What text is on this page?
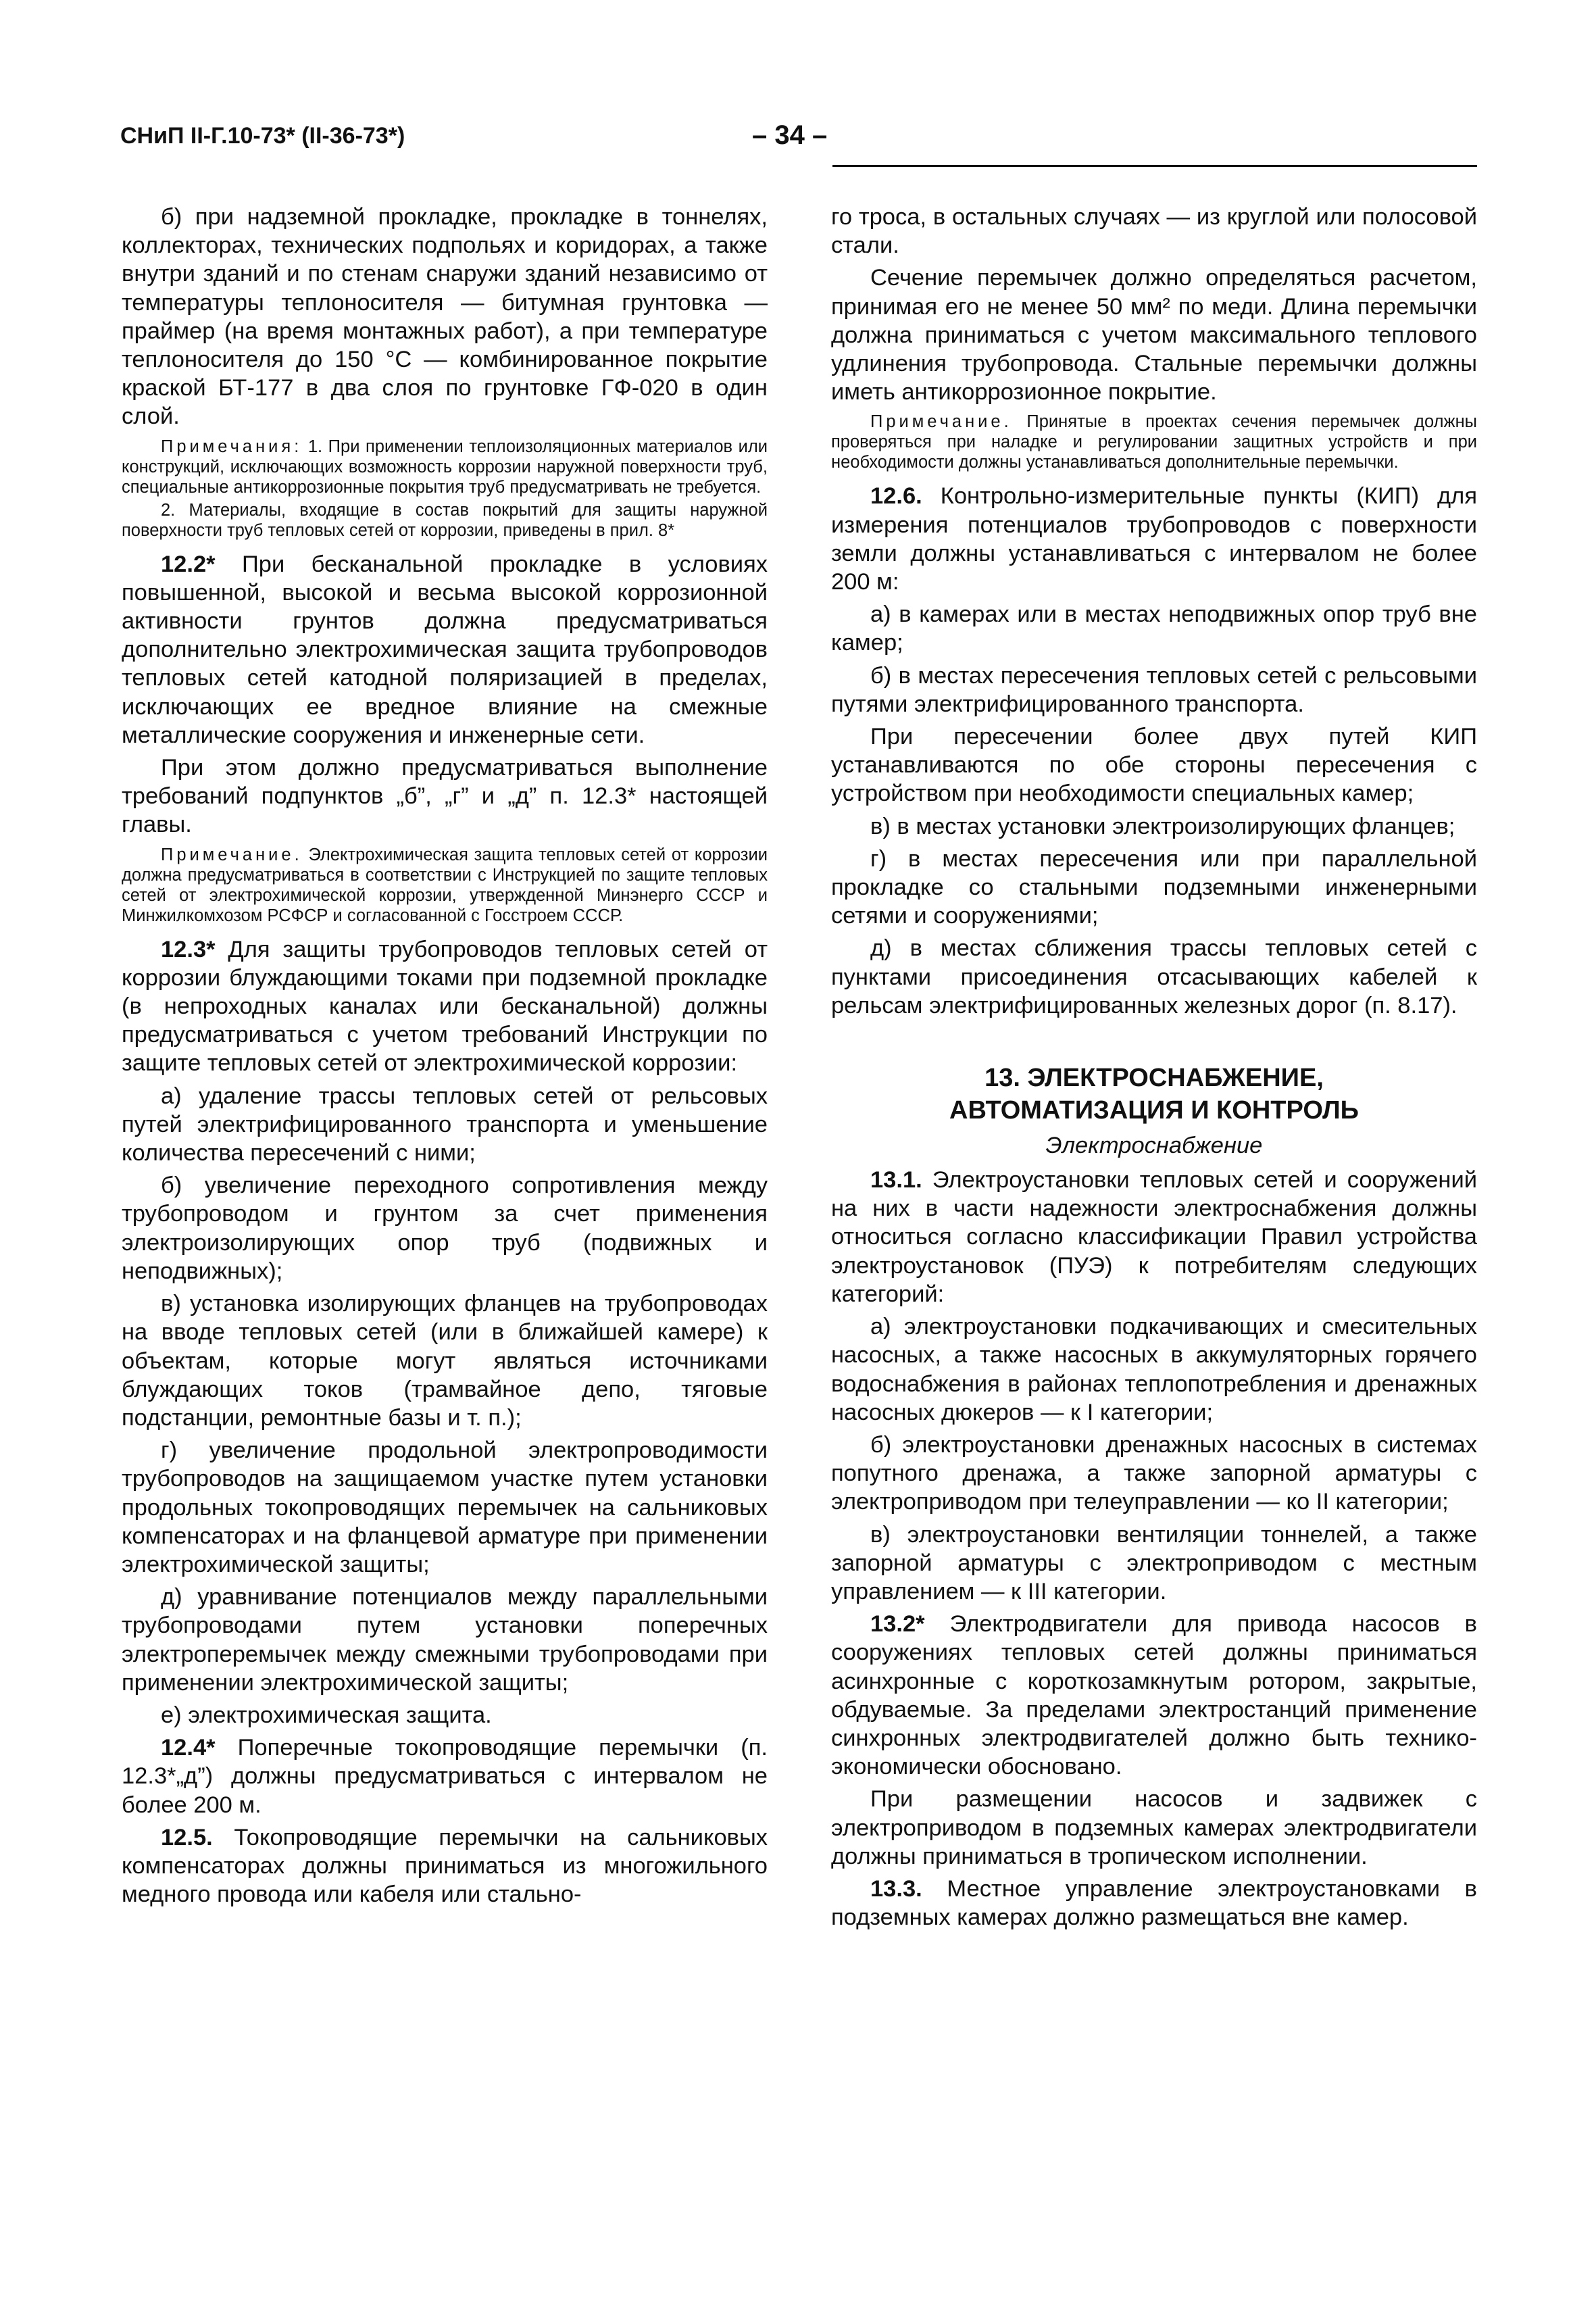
СНиП II-Г.10-73* (II-36-73*)	– 34 –

б) при надземной прокладке, прокладке в тоннелях, коллекторах, технических подпольях и коридорах, а также внутри зданий и по стенам снаружи зданий независимо от температуры теплоносителя — битумная грунтовка — праймер (на время монтажных работ), а при температуре теплоносителя до 150 °С — комбинированное покрытие краской БТ-177 в два слоя по грунтовке ГФ-020 в один слой.

Примечания: 1. При применении теплоизоляционных материалов или конструкций, исключающих возможность коррозии наружной поверхности труб, специальные антикоррозионные покрытия труб предусматривать не требуется.
2. Материалы, входящие в состав покрытий для защиты наружной поверхности труб тепловых сетей от коррозии, приведены в прил. 8*

12.2* При бесканальной прокладке в условиях повышенной, высокой и весьма высокой коррозионной активности грунтов должна предусматриваться дополнительно электрохимическая защита трубопроводов тепловых сетей катодной поляризацией в пределах, исключающих ее вредное влияние на смежные металлические сооружения и инженерные сети.

При этом должно предусматриваться выполнение требований подпунктов „б”, „г” и „д” п. 12.3* настоящей главы.

Примечание. Электрохимическая защита тепловых сетей от коррозии должна предусматриваться в соответствии с Инструкцией по защите тепловых сетей от электрохимической коррозии, утвержденной Минэнерго СССР и Минжилкомхозом РСФСР и согласованной с Госстроем СССР.

12.3* Для защиты трубопроводов тепловых сетей от коррозии блуждающими токами при подземной прокладке (в непроходных каналах или бесканальной) должны предусматриваться с учетом требований Инструкции по защите тепловых сетей от электрохимической коррозии:

а) удаление трассы тепловых сетей от рельсовых путей электрифицированного транспорта и уменьшение количества пересечений с ними;

б) увеличение переходного сопротивления между трубопроводом и грунтом за счет применения электроизолирующих опор труб (подвижных и неподвижных);

в) установка изолирующих фланцев на трубопроводах на вводе тепловых сетей (или в ближайшей камере) к объектам, которые могут являться источниками блуждающих токов (трамвайное депо, тяговые подстанции, ремонтные базы и т. п.);

г) увеличение продольной электропроводимости трубопроводов на защищаемом участке путем установки продольных токопроводящих перемычек на сальниковых компенсаторах и на фланцевой арматуре при применении электрохимической защиты;

д) уравнивание потенциалов между параллельными трубопроводами путем установки поперечных электроперемычек между смежными трубопроводами при применении электрохимической защиты;

е) электрохимическая защита.

12.4* Поперечные токопроводящие перемычки (п. 12.3*„д”) должны предусматриваться с интервалом не более 200 м.

12.5. Токопроводящие перемычки на сальниковых компенсаторах должны приниматься из многожильного медного провода или кабеля или стально-

го троса, в остальных случаях — из круглой или полосовой стали.

Сечение перемычек должно определяться расчетом, принимая его не менее 50 мм² по меди. Длина перемычки должна приниматься с учетом максимального теплового удлинения трубопровода. Стальные перемычки должны иметь антикоррозионное покрытие.

Примечание. Принятые в проектах сечения перемычек должны проверяться при наладке и регулировании защитных устройств и при необходимости должны устанавливаться дополнительные перемычки.

12.6. Контрольно-измерительные пункты (КИП) для измерения потенциалов трубопроводов с поверхности земли должны устанавливаться с интервалом не более 200 м:

а) в камерах или в местах неподвижных опор труб вне камер;

б) в местах пересечения тепловых сетей с рельсовыми путями электрифицированного транспорта.

При пересечении более двух путей КИП устанавливаются по обе стороны пересечения с устройством при необходимости специальных камер;

в) в местах установки электроизолирующих фланцев;

г) в местах пересечения или при параллельной прокладке со стальными подземными инженерными сетями и сооружениями;

д) в местах сближения трассы тепловых сетей с пунктами присоединения отсасывающих кабелей к рельсам электрифицированных железных дорог (п. 8.17).

13. ЭЛЕКТРОСНАБЖЕНИЕ,
АВТОМАТИЗАЦИЯ И КОНТРОЛЬ
Электроснабжение

13.1. Электроустановки тепловых сетей и сооружений на них в части надежности электроснабжения должны относиться согласно классификации Правил устройства электроустановок (ПУЭ) к потребителям следующих категорий:

а) электроустановки подкачивающих и смесительных насосных, а также насосных в аккумуляторных горячего водоснабжения в районах теплопотребления и дренажных насосных дюкеров — к I категории;

б) электроустановки дренажных насосных в системах попутного дренажа, а также запорной арматуры с электроприводом при телеуправлении — ко II категории;

в) электроустановки вентиляции тоннелей, а также запорной арматуры с электроприводом с местным управлением — к III категории.

13.2* Электродвигатели для привода насосов в сооружениях тепловых сетей должны приниматься асинхронные с короткозамкнутым ротором, закрытые, обдуваемые. За пределами электростанций применение синхронных электродвигателей должно быть технико-экономически обосновано.

При размещении насосов и задвижек с электроприводом в подземных камерах электродвигатели должны приниматься в тропическом исполнении.

13.3. Местное управление электроустановками в подземных камерах должно размещаться вне камер.
